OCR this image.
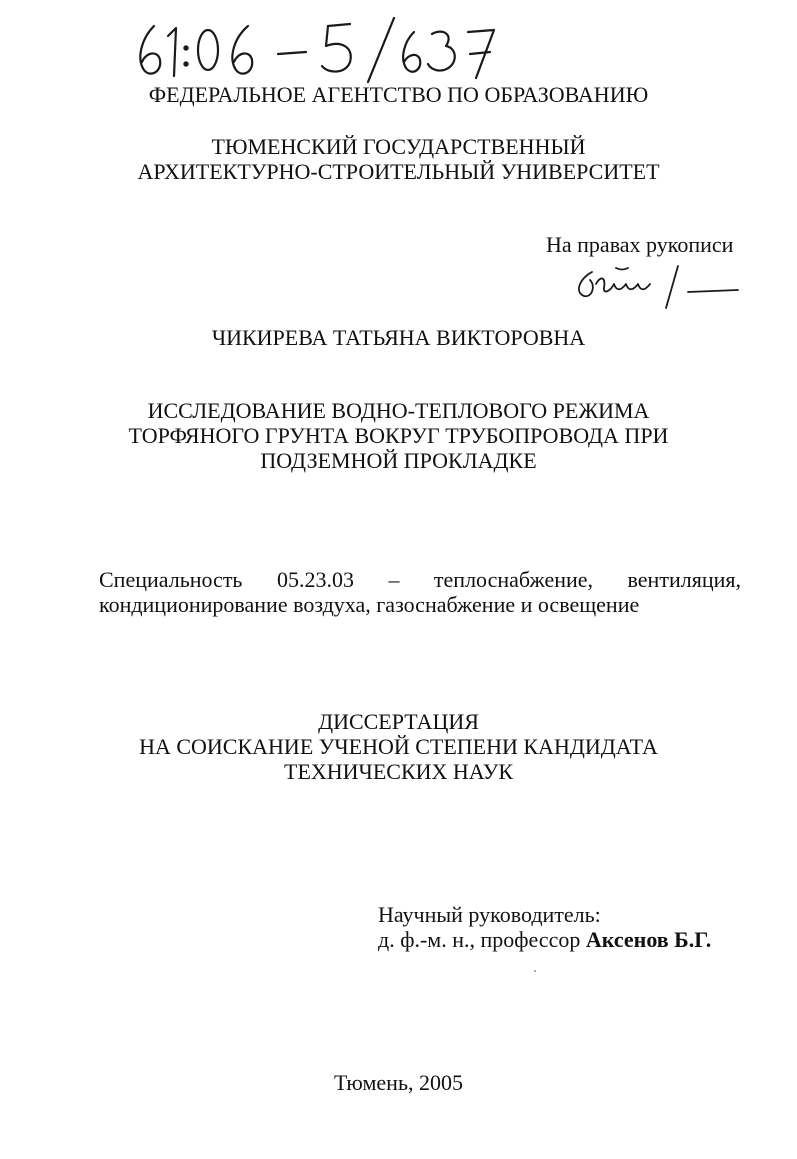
ФЕДЕРАЛЬНОЕ АГЕНТСТВО ПО ОБРАЗОВАНИЮ
ТЮМЕНСКИЙ ГОСУДАРСТВЕННЫЙ
АРХИТЕКТУРНО-СТРОИТЕЛЬНЫЙ УНИВЕРСИТЕТ
На правах рукописи
ЧИКИРЕВА ТАТЬЯНА ВИКТОРОВНА
ИССЛЕДОВАНИЕ ВОДНО-ТЕПЛОВОГО РЕЖИМА
ТОРФЯНОГО ГРУНТА ВОКРУГ ТРУБОПРОВОДА ПРИ
ПОДЗЕМНОЙ ПРОКЛАДКЕ
Специальность 05.23.03 – теплоснабжение, вентиляция,
кондиционирование воздуха, газоснабжение и освещение
ДИССЕРТАЦИЯ
НА СОИСКАНИЕ УЧЕНОЙ СТЕПЕНИ КАНДИДАТА
ТЕХНИЧЕСКИХ НАУК
Научный руководитель:
д. ф.-м. н., профессор Аксенов Б.Г.
Тюмень, 2005
